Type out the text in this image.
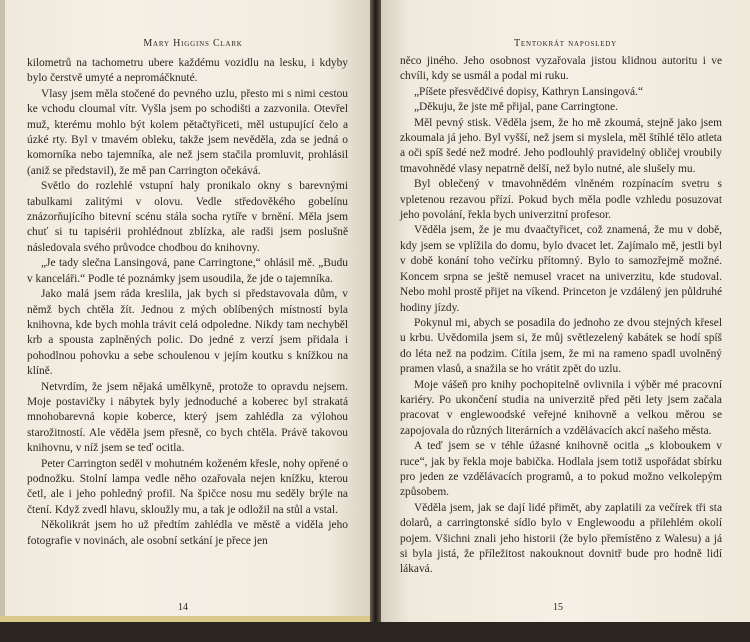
Mary Higgins Clark

kilometrů na tachometru ubere každému vozidlu na lesku, i kdyby bylo čerstvě umyté a nepromáčknuté.

Vlasy jsem měla stočené do pevného uzlu, přesto mi s nimi cestou ke vchodu cloumal vítr. Vyšla jsem po schodišti a zazvonila. Otevřel muž, kterému mohlo být kolem pětačtyřiceti, měl ustupující čelo a úzké rty. Byl v tmavém obleku, takže jsem nevěděla, zda se jedná o komorníka nebo tajemníka, ale než jsem stačila promluvit, prohlásil (aniž se představil), že mě pan Carrington očekává.

Světlo do rozlehlé vstupní haly pronikalo okny s barevnými tabulkami zalitými v olovu. Vedle středověkého gobelínu znázorňujícího bitevní scénu stála socha rytíře v brnění. Měla jsem chuť si tu tapisérii prohlédnout zblízka, ale radši jsem poslušně následovala svého průvodce chodbou do knihovny.

„Je tady slečna Lansingová, pane Carringtone,“ ohlásil mě. „Budu v kanceláři.“ Podle té poznámky jsem usoudila, že jde o tajemníka.

Jako malá jsem ráda kreslila, jak bych si představovala dům, v němž bych chtěla žít. Jednou z mých oblíbených místností byla knihovna, kde bych mohla trávit celá odpoledne. Nikdy tam nechyběl krb a spousta zaplněných polic. Do jedné z verzí jsem přidala i pohodlnou pohovku a sebe schoulenou v jejím koutku s knížkou na klíně.

Netvrdím, že jsem nějaká umělkyně, protože to opravdu nejsem. Moje postavičky i nábytek byly jednoduché a koberec byl strakatá mnohobarevná kopie koberce, který jsem zahlédla za výlohou starožitností. Ale věděla jsem přesně, co bych chtěla. Právě takovou knihovnu, v níž jsem se teď ocitla.

Peter Carrington seděl v mohutném koženém křesle, nohy opřené o podnožku. Stolní lampa vedle něho ozařovala nejen knížku, kterou četl, ale i jeho pohledný profil. Na špičce nosu mu seděly brýle na čtení. Když zvedl hlavu, skloužly mu, a tak je odložil na stůl a vstal.

Několikrát jsem ho už předtím zahlédla ve městě a viděla jeho fotografie v novinách, ale osobní setkání je přece jen

14
Tentokrát naposledy

něco jiného. Jeho osobnost vyzařovala jistou klidnou autoritu i ve chvíli, kdy se usmál a podal mi ruku.

„Píšete přesvědčivé dopisy, Kathryn Lansingová.“

„Děkuju, že jste mě přijal, pane Carringtone.

Měl pevný stisk. Věděla jsem, že ho mě zkoumá, stejně jako jsem zkoumala já jeho. Byl vyšší, než jsem si myslela, měl štíhlé tělo atleta a oči spíš šedé než modré. Jeho podlouhlý pravidelný obličej vroubily tmavohnědé vlasy nepatrně delší, než bylo nutné, ale slušely mu.

Byl oblečený v tmavohnědém vlněném rozpínacím svetru s vpletenou rezavou přízí. Pokud bych měla podle vzhledu posuzovat jeho povolání, řekla bych univerzitní profesor.

Věděla jsem, že je mu dvaačtyřicet, což znamená, že mu v době, kdy jsem se vplížila do domu, bylo dvacet let. Zajímalo mě, jestli byl v době konání toho večírku přítomný. Bylo to samozřejmě možné. Koncem srpna se ještě nemusel vracet na univerzitu, kde studoval. Nebo mohl prostě přijet na víkend. Princeton je vzdálený jen půldruhé hodiny jízdy.

Pokynul mi, abych se posadila do jednoho ze dvou stejných křesel u krbu. Uvědomila jsem si, že můj světlezelený kabátek se hodí spíš do léta než na podzim. Cítila jsem, že mi na rameno spadl uvolněný pramen vlasů, a snažila se ho vrátit zpět do uzlu.

Moje vášeň pro knihy pochopitelně ovlivnila i výběr mé pracovní kariéry. Po ukončení studia na univerzitě před pěti lety jsem začala pracovat v englewoodské veřejné knihovně a velkou měrou se zapojovala do různých literárních a vzdělávacích akcí našeho města.

A teď jsem se v téhle úžasné knihovně ocitla „s kloboukem v ruce“, jak by řekla moje babička. Hodlala jsem totiž uspořádat sbírku pro jeden ze vzdělávacích programů, a to pokud možno velkolepým způsobem.

Věděla jsem, jak se dají lidé přimět, aby zaplatili za večírek tři sta dolarů, a carringtonské sídlo bylo v Englewoodu a přilehlém okolí pojem. Všichni znali jeho historii (že bylo přemístěno z Walesu) a já si byla jistá, že příležitost nakouknout dovnitř bude pro hodně lidí lákavá.

15
